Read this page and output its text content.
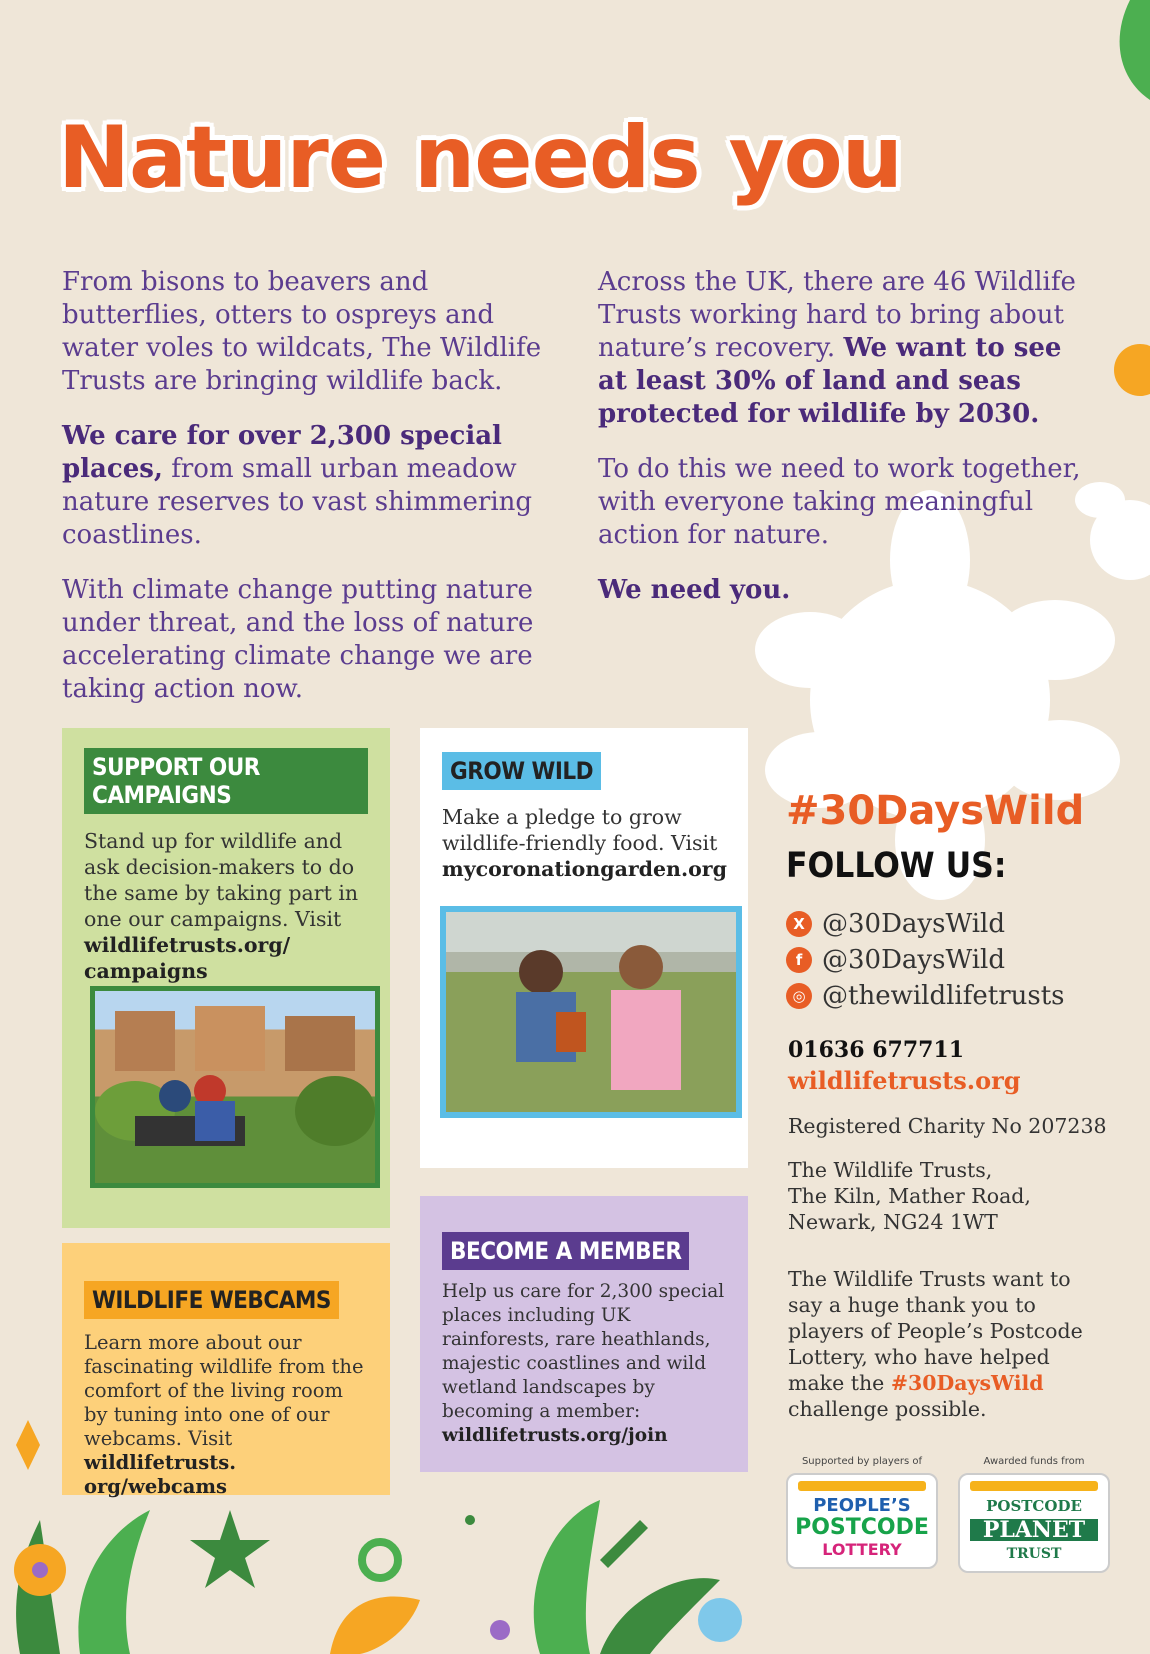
Nature needs you

From bisons to beavers and butterflies, otters to ospreys and water voles to wildcats, The Wildlife Trusts are bringing wildlife back.

We care for over 2,300 special places, from small urban meadow nature reserves to vast shimmering coastlines.

With climate change putting nature under threat, and the loss of nature accelerating climate change we are taking action now.

Across the UK, there are 46 Wildlife Trusts working hard to bring about nature’s recovery. We want to see at least 30% of land and seas protected for wildlife by 2030.

To do this we need to work together, with everyone taking meaningful action for nature.

We need you.

SUPPORT OUR CAMPAIGNS
Stand up for wildlife and ask decision-makers to do the same by taking part in one our campaigns. Visit wildlifetrusts.org/ campaigns
GROW WILD
Make a pledge to grow wildlife-friendly food. Visit mycoronationgarden.org
WILDLIFE WEBCAMS
Learn more about our fascinating wildlife from the comfort of the living room by tuning into one of our webcams. Visit wildlifetrusts. org/webcams
BECOME A MEMBER
Help us care for 2,300 special places including UK rainforests, rare heathlands, majestic coastlines and wild wetland landscapes by becoming a member: wildlifetrusts.org/join
#30DaysWild
FOLLOW US:
X @30DaysWild
f @30DaysWild
◎ @thewildlifetrusts
01636 677711
wildlifetrusts.org
Registered Charity No 207238
The Wildlife Trusts,
The Kiln, Mather Road,
Newark, NG24 1WT
The Wildlife Trusts want to say a huge thank you to players of People’s Postcode Lottery, who have helped make the #30DaysWild challenge possible.
Supported by players of
PEOPLE’S
POSTCODE
LOTTERY
Awarded funds from
POSTCODE
PLANET
TRUST
